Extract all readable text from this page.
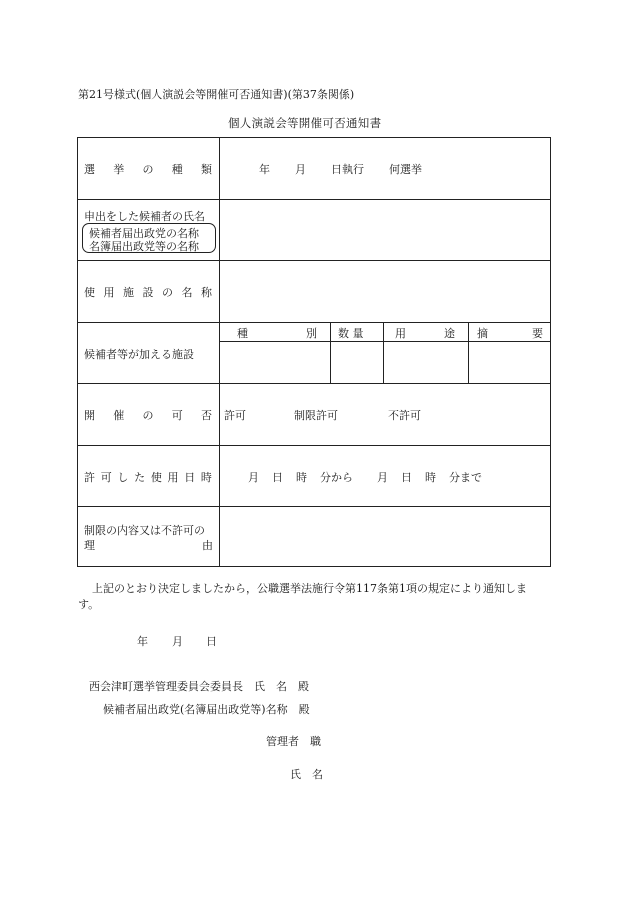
第21号様式(個人演説会等開催可否通知書)(第37条関係)
個人演説会等開催可否通知書
選 挙 の 種 類	年 月 日執行 何選挙
申出をした候補者の氏名
候補者届出政党の名称
名簿届出政党等の名称
使 用 施 設 の 名 称
候補者等が加える施設
種	別 数 量	用	途 摘	要
開 催 の 可 否 許可	制限許可	不許可
許 可 し た 使 用 日 時	月 日 時 分から 月 日 時 分まで
制限の内容又は不許可の
理	由
上記のとおり決定しましたから，公職選挙法施行令第117条第1項の規定により通知しま
す。
年 月 日
西会津町選挙管理委員会委員長　氏　名　殿
候補者届出政党(名簿届出政党等)名称　殿
管理者　職
氏　名
